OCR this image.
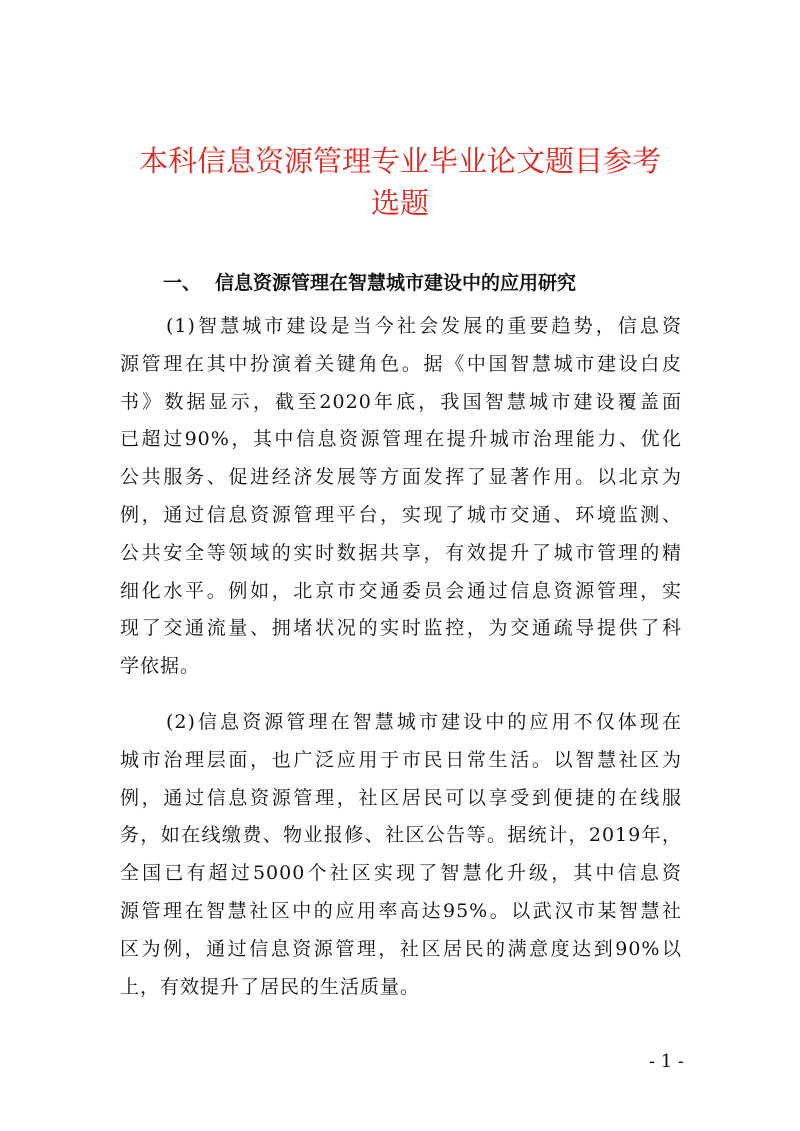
本科信息资源管理专业毕业论文题目参考
选题
一、 信息资源管理在智慧城市建设中的应用研究
(1)智慧城市建设是当今社会发展的重要趋势，信息资
源管理在其中扮演着关键角色。据《中国智慧城市建设白皮
书》数据显示，截至2020年底，我国智慧城市建设覆盖面
已超过90%，其中信息资源管理在提升城市治理能力、优化
公共服务、促进经济发展等方面发挥了显著作用。以北京为
例，通过信息资源管理平台，实现了城市交通、环境监测、
公共安全等领域的实时数据共享，有效提升了城市管理的精
细化水平。例如，北京市交通委员会通过信息资源管理，实
现了交通流量、拥堵状况的实时监控，为交通疏导提供了科
学依据。
(2)信息资源管理在智慧城市建设中的应用不仅体现在
城市治理层面，也广泛应用于市民日常生活。以智慧社区为
例，通过信息资源管理，社区居民可以享受到便捷的在线服
务，如在线缴费、物业报修、社区公告等。据统计，2019年，
全国已有超过5000个社区实现了智慧化升级，其中信息资
源管理在智慧社区中的应用率高达95%。以武汉市某智慧社
区为例，通过信息资源管理，社区居民的满意度达到90%以
上，有效提升了居民的生活质量。
- 1 -
